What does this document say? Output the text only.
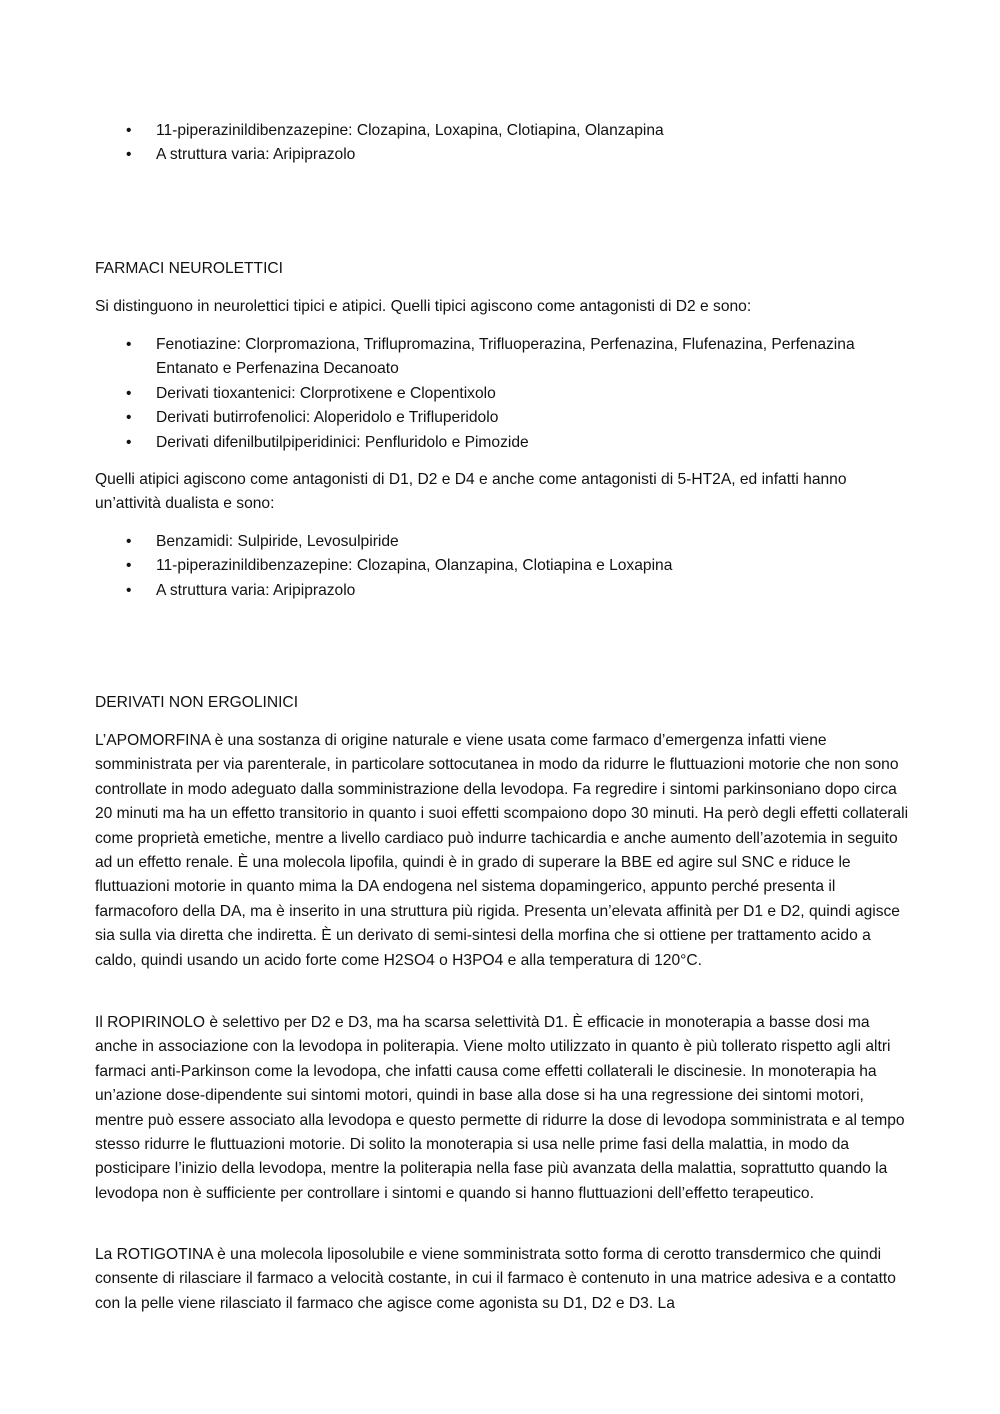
• 11-piperazinildibenzazepine: Clozapina, Loxapina, Clotiapina, Olanzapina
• A struttura varia: Aripiprazolo
FARMACI NEUROLETTICI

Si distinguono in neurolettici tipici e atipici. Quelli tipici agiscono come antagonisti di D2 e sono:

• Fenotiazine: Clorpromaziona, Triflupromazina, Trifluoperazina, Perfenazina, Flufenazina, Perfenazina Entanato e Perfenazina Decanoato
• Derivati tioxantenici: Clorprotixene e Clopentixolo
• Derivati butirrofenolici: Aloperidolo e Trifluperidolo
• Derivati difenilbutilpiperidinici: Penfluridolo e Pimozide

Quelli atipici agiscono come antagonisti di D1, D2 e D4 e anche come antagonisti di 5-HT2A, ed infatti hanno un’attività dualista e sono:

• Benzamidi: Sulpiride, Levosulpiride
• 11-piperazinildibenzazepine: Clozapina, Olanzapina, Clotiapina e Loxapina
• A struttura varia: Aripiprazolo
DERIVATI NON ERGOLINICI

L’APOMORFINA è una sostanza di origine naturale e viene usata come farmaco d’emergenza infatti viene somministrata per via parenterale, in particolare sottocutanea in modo da ridurre le fluttuazioni motorie che non sono controllate in modo adeguato dalla somministrazione della levodopa. Fa regredire i sintomi parkinsoniano dopo circa 20 minuti ma ha un effetto transitorio in quanto i suoi effetti scompaiono dopo 30 minuti. Ha però degli effetti collaterali come proprietà emetiche, mentre a livello cardiaco può indurre tachicardia e anche aumento dell’azotemia in seguito ad un effetto renale. È una molecola lipofila, quindi è in grado di superare la BBE ed agire sul SNC e riduce le fluttuazioni motorie in quanto mima la DA endogena nel sistema dopamingerico, appunto perché presenta il farmacoforo della DA, ma è inserito in una struttura più rigida. Presenta un’elevata affinità per D1 e D2, quindi agisce sia sulla via diretta che indiretta. È un derivato di semi-sintesi della morfina che si ottiene per trattamento acido a caldo, quindi usando un acido forte come H2SO4 o H3PO4 e alla temperatura di 120°C.

Il ROPIRINOLO è selettivo per D2 e D3, ma ha scarsa selettività D1. È efficacie in monoterapia a basse dosi ma anche in associazione con la levodopa in politerapia. Viene molto utilizzato in quanto è più tollerato rispetto agli altri farmaci anti-Parkinson come la levodopa, che infatti causa come effetti collaterali le discinesie. In monoterapia ha un’azione dose-dipendente sui sintomi motori, quindi in base alla dose si ha una regressione dei sintomi motori, mentre può essere associato alla levodopa e questo permette di ridurre la dose di levodopa somministrata e al tempo stesso ridurre le fluttuazioni motorie. Di solito la monoterapia si usa nelle prime fasi della malattia, in modo da posticipare l’inizio della levodopa, mentre la politerapia nella fase più avanzata della malattia, soprattutto quando la levodopa non è sufficiente per controllare i sintomi e quando si hanno fluttuazioni dell’effetto terapeutico.

La ROTIGOTINA è una molecola liposolubile e viene somministrata sotto forma di cerotto transdermico che quindi consente di rilasciare il farmaco a velocità costante, in cui il farmaco è contenuto in una matrice adesiva e a contatto con la pelle viene rilasciato il farmaco che agisce come agonista su D1, D2 e D3. La
